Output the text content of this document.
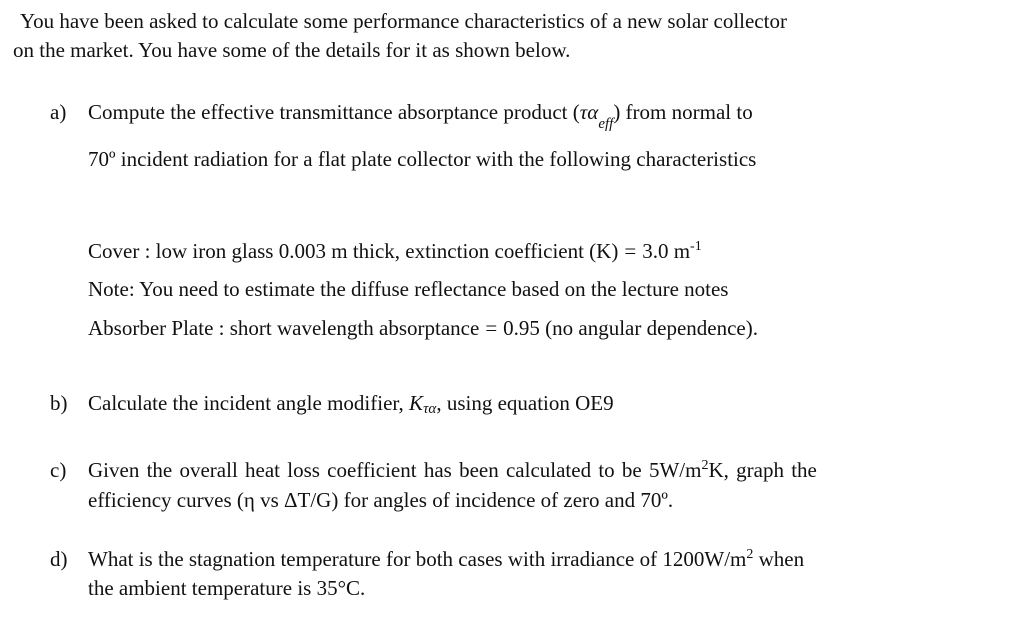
You have been asked to calculate some performance characteristics of a new solar collector
on the market. You have some of the details for it as shown below.
a) Compute the effective transmittance absorptance product $(\tau\alpha_{eff})$ from normal to
70º incident radiation for a flat plate collector with the following characteristics
Cover : low iron glass 0.003 m thick, extinction coefficient (K) = 3.0 $m^{-1}$
Note: You need to estimate the diffuse reflectance based on the lecture notes
Absorber Plate : short wavelength absorptance = 0.95 (no angular dependence).
b) Calculate the incident angle modifier, Kτα, using equation OE9
c) Given the overall heat loss coefficient has been calculated to be $5W/m^2K$, graph the
efficiency curves (η vs ΔT/G) for angles of incidence of zero and 70º.
d) What is the stagnation temperature for both cases with irradiance of $1200W/m^2$ when
the ambient temperature is 35°C.
